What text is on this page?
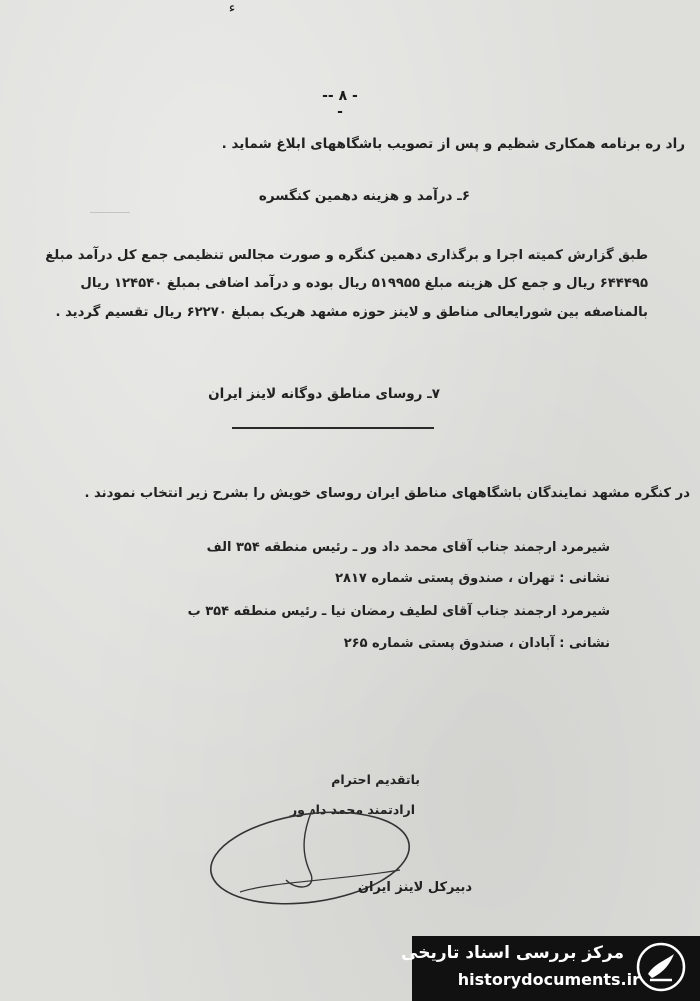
ء
-- ۸ --
راد ره برنامه همکاری شظیم و پس از تصویب باشگاههای ابلاغ شماید .
۶ـ درآمد و هزینه دهمین کنگسره
طبق گزارش کمیته اجرا و برگذاری دهمین کنگره و صورت مجالس تنظیمی جمع کل درآمد مبلغ
۶۴۴۴۹۵ ریال و جمع کل هزینه مبلغ ۵۱۹۹۵۵ ریال بوده و درآمد اضافی بمبلغ ۱۲۴۵۴۰ ریال
بالمناصفه بین شورایعالی مناطق و لاینز حوزه مشهد هریک بمبلغ ۶۲۲۷۰ ریال تقسیم گردید .
۷ـ روسای مناطق دوگانه لاینز ایران
در کنگره مشهد نمایندگان باشگاههای مناطق ایران روسای خویش را بشرح زیر انتخاب نمودند .
شیرمرد ارجمند جناب آقای محمد داد ور ـ رئیس منطقه ۳۵۴ الف
نشانی : تهران ، صندوق پستی شماره ۲۸۱۷
شیرمرد ارجمند جناب آقای لطیف رمضان نیا ـ رئیس منطقه ۳۵۴ ب
نشانی : آبادان ، صندوق پستی شماره ۲۶۵
باتقدیم احترام
ارادتمند محمد داد ور
دبیرکل لاینز ایران
مرکز بررسی اسناد تاریخی
historydocuments.ir
